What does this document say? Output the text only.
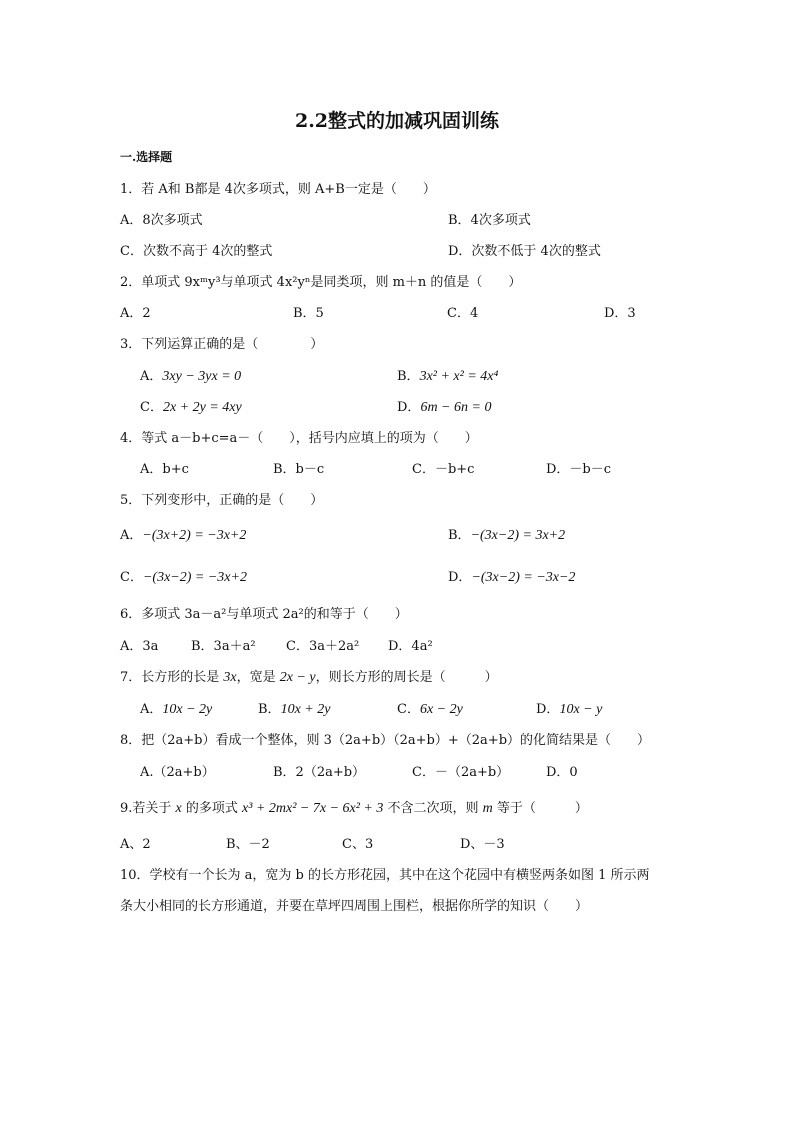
2.2整式的加减巩固训练
一.选择题
1．若 A和 B都是 4次多项式，则 A+B一定是（　　）
A．8次多项式	B．4次多项式
C．次数不高于 4次的整式	D．次数不低于 4次的整式
2．单项式 9xᵐy³与单项式 4x²yⁿ是同类项，则 m＋n 的值是（　　）
A．2	B．5	C．4	D．3
3．下列运算正确的是（　　　　）
A．3xy − 3yx = 0	B．3x² + x² = 4x⁴
C．2x + 2y = 4xy	D．6m − 6n = 0
4．等式 a－b+c=a－（　　），括号内应填上的项为（　　）
A．b+c	B．b－c	C．－b+c	D．－b－c
5．下列变形中，正确的是（　　）
A．−(3x+2) = −3x+2	B．−(3x−2) = 3x+2
C．−(3x−2) = −3x+2	D．−(3x−2) = −3x−2
6．多项式 3a－a²与单项式 2a²的和等于（　　）
A．3a	B．3a＋a² C．3a＋2a² D．4a²
7．长方形的长是 3x，宽是 2x − y，则长方形的周长是（　　　）
A．10x − 2y	B．10x + 2y	C．6x − 2y	D．10x − y
8．把（2a+b）看成一个整体，则 3（2a+b）（2a+b）+（2a+b）的化简结果是（　　）
A.（2a+b）	B．2（2a+b）	C．－（2a+b）	D．0
9.若关于 x 的多项式 x³ + 2mx² − 7x − 6x² + 3 不含二次项，则 m 等于（　　　）
A、2	B、－2	C、3	D、－3
10．学校有一个长为 a，宽为 b 的长方形花园，其中在这个花园中有横竖两条如图 1 所示两
条大小相同的长方形通道，并要在草坪四周围上围栏，根据你所学的知识（　　）
